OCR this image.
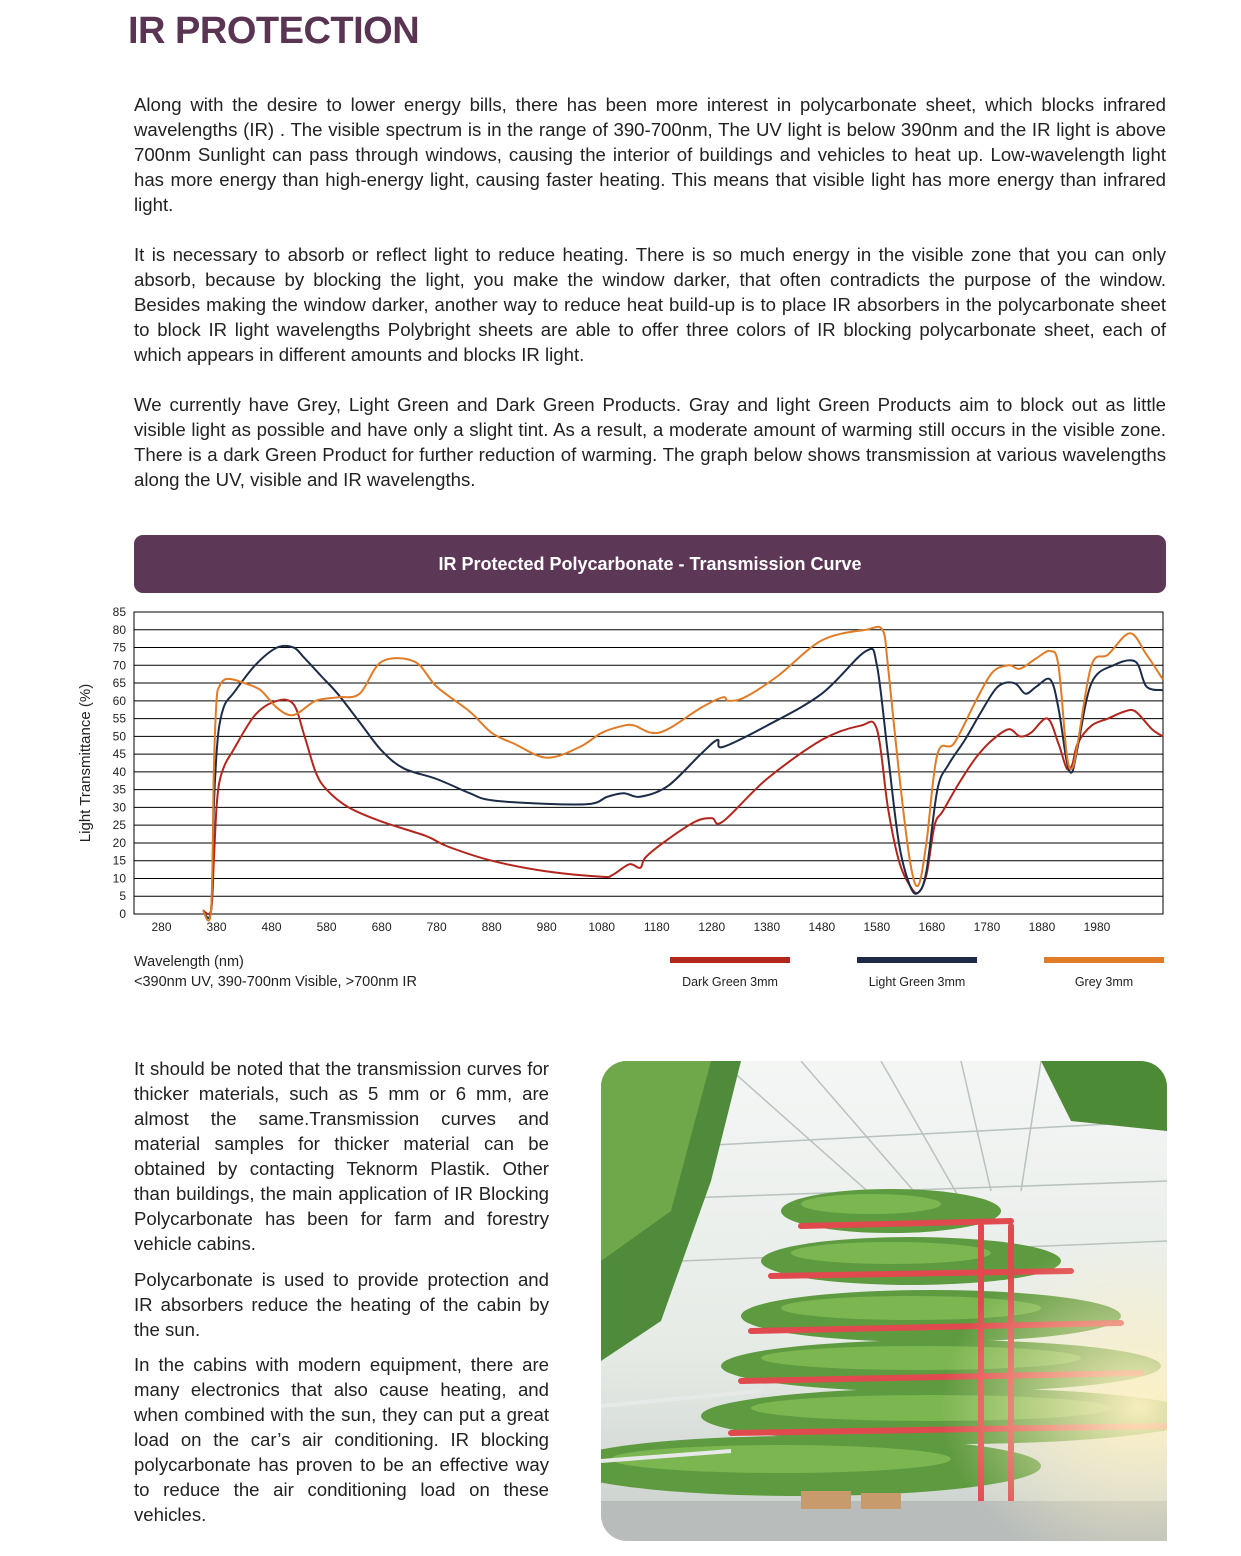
IR PROTECTION

Along with the desire to lower energy bills, there has been more interest in polycarbonate sheet, which blocks infrared wavelengths (IR) . The visible spectrum is in the range of 390-700nm, The UV light is below 390nm and the IR light is above 700nm Sunlight can pass through windows, causing the interior of buildings and vehicles to heat up. Low-wavelength light has more energy than high-energy light, causing faster heating. This means that visible light has more energy than infrared light.

It is necessary to absorb or reflect light to reduce heating. There is so much energy in the visible zone that you can only absorb, because by blocking the light, you make the window darker, that often contradicts the purpose of the window. Besides making the window darker, another way to reduce heat build-up is to place IR absorbers in the polycarbonate sheet to block IR light wavelengths Polybright sheets are able to offer three colors of IR blocking polycarbonate sheet, each of which appears in different amounts and blocks IR light.

We currently have Grey, Light Green and Dark Green Products. Gray and light Green Products aim to block out as little visible light as possible and have only a slight tint. As a result, a moderate amount of warming still occurs in the visible zone. There is a dark Green Product for further reduction of warming. The graph below shows transmission at various wavelengths along the UV, visible and IR wavelengths.

IR Protected Polycarbonate - Transmission Curve
0
5
10
15
20
25
30
35
40
45
50
55
60
65
70
75
80
85
280	380	480	580	680	780	880	980	1080 1180 1280 1380 1480 1580 1680 1780 1880 1980
Light Transmittance (%)
Wavelength (nm)
<390nm UV, 390-700nm Visible, >700nm IR	Dark Green 3mm	Light Green 3mm	Grey 3mm

It should be noted that the transmission curves for thicker materials, such as 5 mm or 6 mm, are almost the same.Transmission curves and material samples for thicker material can be obtained by contacting Teknorm Plastik. Other than buildings, the main application of IR Blocking Polycarbonate has been for farm and forestry vehicle cabins.

Polycarbonate is used to provide protection and IR absorbers reduce the heating of the cabin by the sun.

In the cabins with modern equipment, there are many electronics that also cause heating, and when combined with the sun, they can put a great load on the car’s air conditioning. IR blocking polycarbonate has proven to be an effective way to reduce the air conditioning load on these vehicles.
